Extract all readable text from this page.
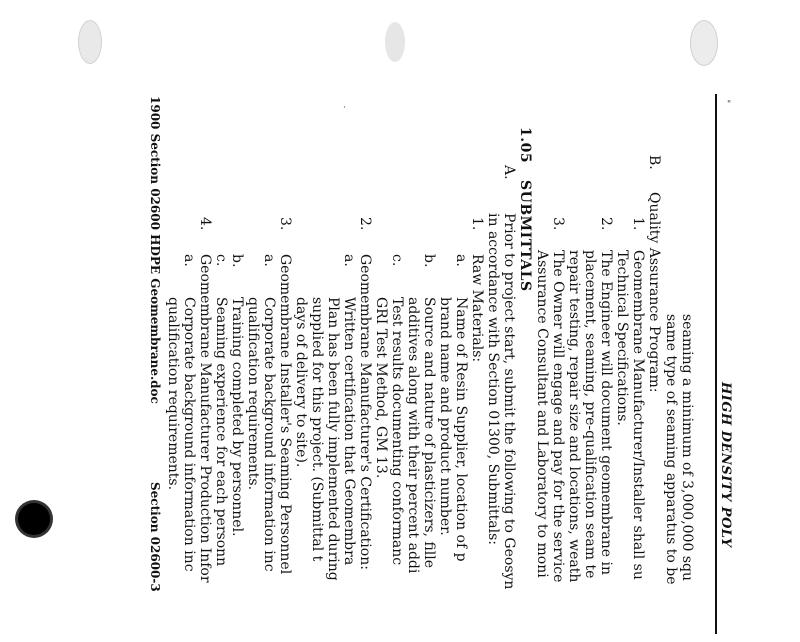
"
·
HIGH DENSITY POLY
seaming a minimum of 3,000,000 squ
same type of seaming apparatus to be
B.
Quality Assurance Program:
1.
Geomembrane Manufacturer/Installer shall su
Technical Specifications.
2.
The Engineer will document geomembrane in
placement, seaming, pre-qualification seam te
repair testing, repair size and locations, weath
3.
The Owner will engage and pay for the service
Assurance Consultant and Laboratory to moni
1.05
SUBMITTALS
A.
Prior to project start, submit the following to Geosyn
in accordance with Section 01300, Submittals:
1.
Raw Materials:
a.
Name of Resin Supplier, location of p
brand name and product number.
b.
Source and nature of plasticizers, fille
additives along with their percent addi
c.
Test results documenting conformanc
GRI Test Method, GM 13.
2.
Geomembrane Manufacturer's Certification:
a.
Written certification that Geomembra
Plan has been fully implemented during
supplied for this project. (Submittal t
days of delivery to site).
3.
Geomembrane Installer's Seaming Personnel
a.
Corporate background information inc
qualification requirements.
b.
Training completed by personnel.
c.
Seaming experience for each personn
4.
Geomembrane Manufacturer Production Infor
a.
Corporate background information inc
qualification requirements.
1900 Section 02600 HDPE Geomembrane.doc
Section 02600-3
